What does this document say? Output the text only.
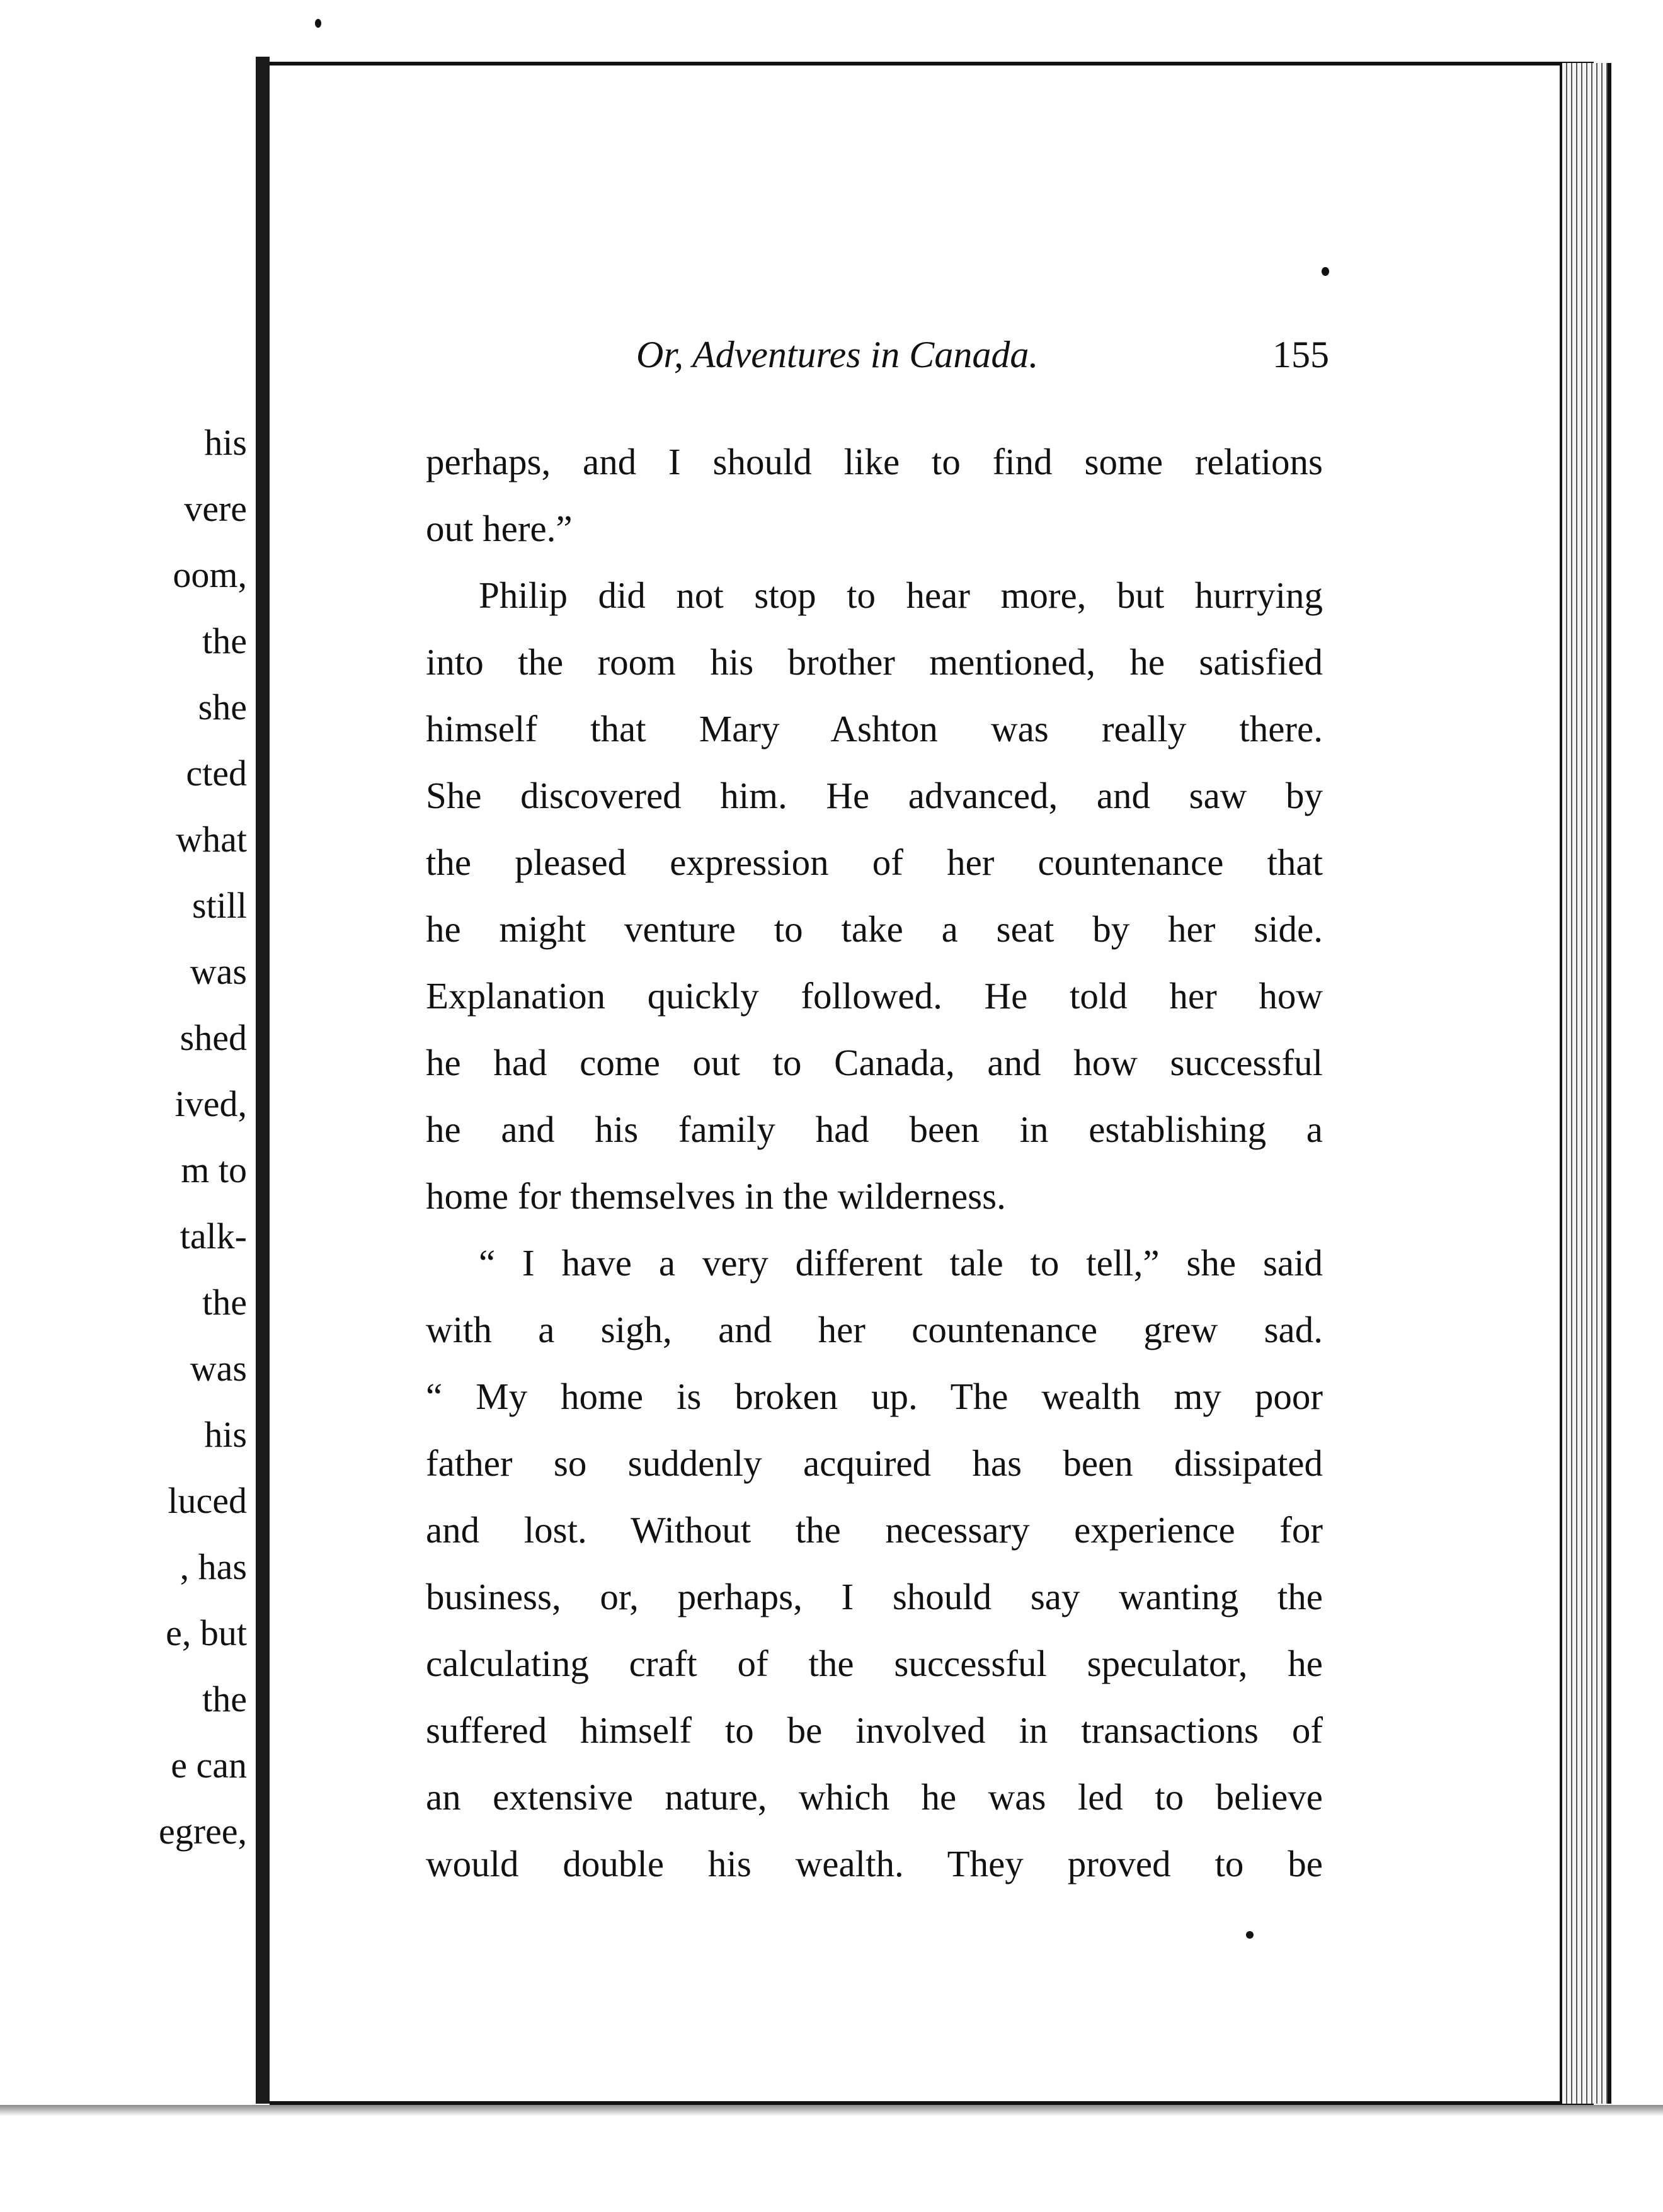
his
vere
oom,
the
she
cted
what
still
was
shed
ived,
m to
talk-
the
was
his
luced
, has
e, but
the
e can
egree,
Or, Adventures in Canada.	155
perhaps, and I should like to find some relations
out here.”
Philip did not stop to hear more, but hurrying
into the room his brother mentioned, he satisfied
himself that Mary Ashton was really there.
She discovered him. He advanced, and saw by
the pleased expression of her countenance that
he might venture to take a seat by her side.
Explanation quickly followed. He told her how
he had come out to Canada, and how successful
he and his family had been in establishing a
home for themselves in the wilderness.
“ I have a very different tale to tell,” she said
with a sigh, and her countenance grew sad.
“ My home is broken up. The wealth my poor
father so suddenly acquired has been dissipated
and lost. Without the necessary experience for
business, or, perhaps, I should say wanting the
calculating craft of the successful speculator, he
suffered himself to be involved in transactions of
an extensive nature, which he was led to believe
would double his wealth. They proved to be
